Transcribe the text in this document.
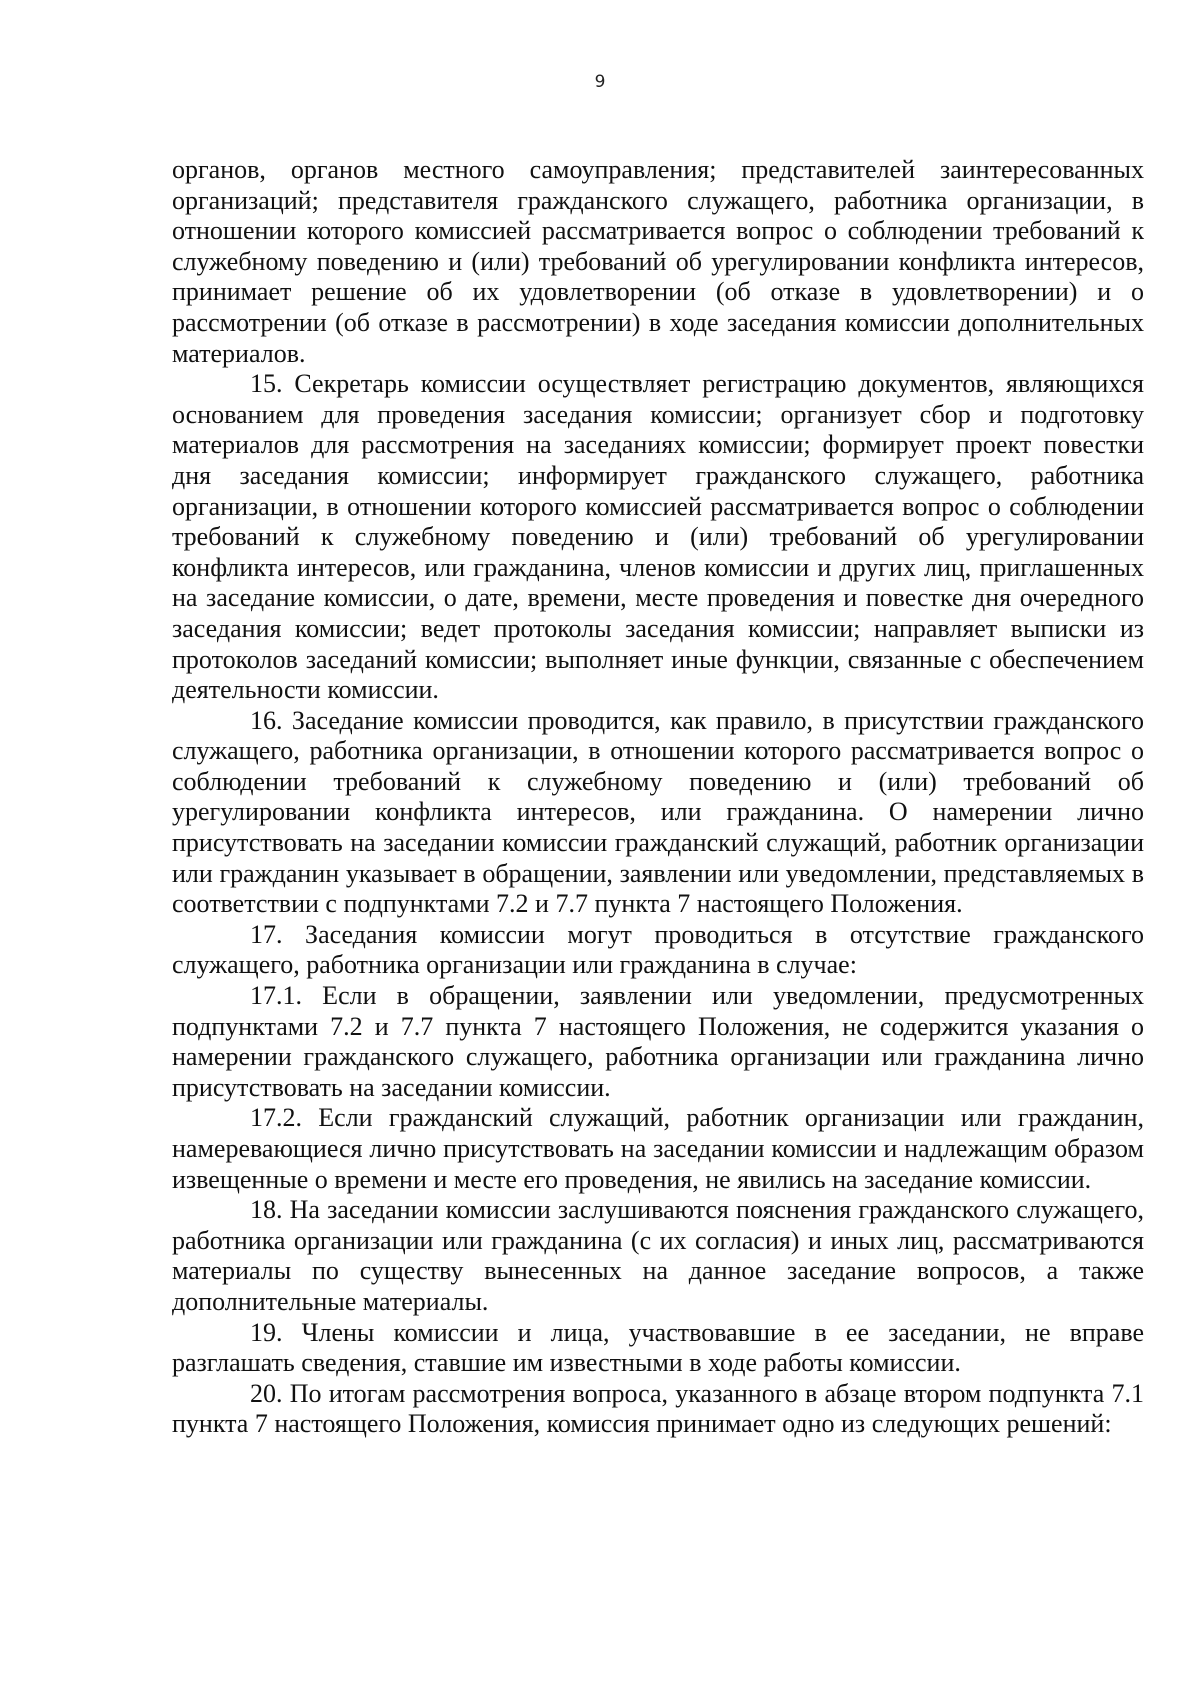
9

органов, органов местного самоуправления; представителей заинтересованных организаций; представителя гражданского служащего, работника организации, в отношении которого комиссией рассматривается вопрос о соблюдении требований к служебному поведению и (или) требований об урегулировании конфликта интересов, принимает решение об их удовлетворении (об отказе в удовлетворении) и о рассмотрении (об отказе в рассмотрении) в ходе заседания комиссии дополнительных материалов.

15. Секретарь комиссии осуществляет регистрацию документов, являющихся основанием для проведения заседания комиссии; организует сбор и подготовку материалов для рассмотрения на заседаниях комиссии; формирует проект повестки дня заседания комиссии; информирует гражданского служащего, работника организации, в отношении которого комиссией рассматривается вопрос о соблюдении требований к служебному поведению и (или) требований об урегулировании конфликта интересов, или гражданина, членов комиссии и других лиц, приглашенных на заседание комиссии, о дате, времени, месте проведения и повестке дня очередного заседания комиссии; ведет протоколы заседания комиссии; направляет выписки из протоколов заседаний комиссии; выполняет иные функции, связанные с обеспечением деятельности комиссии.

16. Заседание комиссии проводится, как правило, в присутствии гражданского служащего, работника организации, в отношении которого рассматривается вопрос о соблюдении требований к служебному поведению и (или) требований об урегулировании конфликта интересов, или гражданина. О намерении лично присутствовать на заседании комиссии гражданский служащий, работник организации или гражданин указывает в обращении, заявлении или уведомлении, представляемых в соответствии с подпунктами 7.2 и 7.7 пункта 7 настоящего Положения.

17. Заседания комиссии могут проводиться в отсутствие гражданского служащего, работника организации или гражданина в случае:

17.1. Если в обращении, заявлении или уведомлении, предусмотренных подпунктами 7.2 и 7.7 пункта 7 настоящего Положения, не содержится указания о намерении гражданского служащего, работника организации или гражданина лично присутствовать на заседании комиссии.

17.2. Если гражданский служащий, работник организации или гражданин, намеревающиеся лично присутствовать на заседании комиссии и надлежащим образом извещенные о времени и месте его проведения, не явились на заседание комиссии.

18. На заседании комиссии заслушиваются пояснения гражданского служащего, работника организации или гражданина (с их согласия) и иных лиц, рассматриваются материалы по существу вынесенных на данное заседание вопросов, а также дополнительные материалы.

19. Члены комиссии и лица, участвовавшие в ее заседании, не вправе разглашать сведения, ставшие им известными в ходе работы комиссии.

20. По итогам рассмотрения вопроса, указанного в абзаце втором подпункта 7.1 пункта 7 настоящего Положения, комиссия принимает одно из следующих решений:
